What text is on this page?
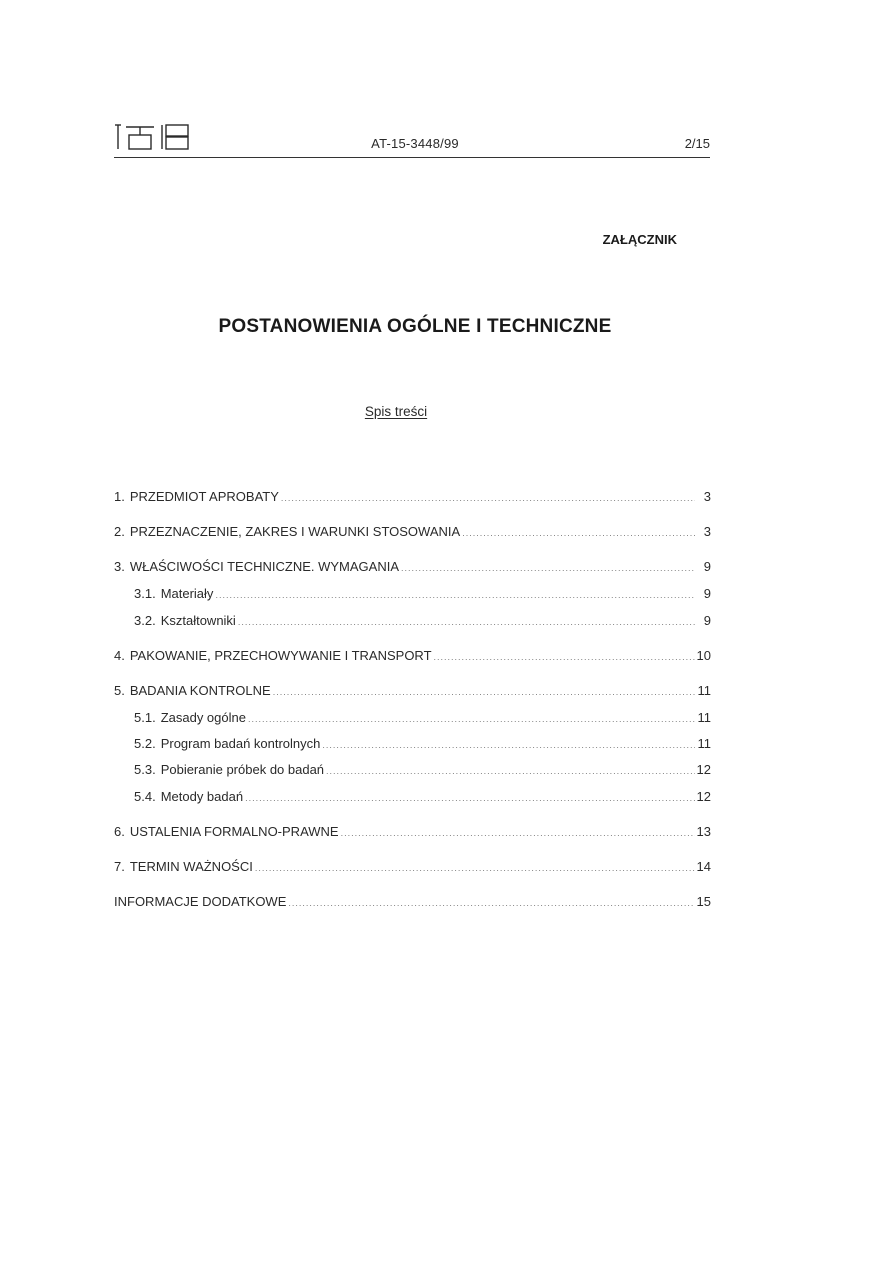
AT-15-3448/99	2/15
ZAŁĄCZNIK
POSTANOWIENIA OGÓLNE I TECHNICZNE
Spis treści
1. PRZEDMIOT APROBATY .....	3
2. PRZEZNACZENIE, ZAKRES I WARUNKI STOSOWANIA .....	3
3. WŁAŚCIWOŚCI TECHNICZNE. WYMAGANIA .....	9
3.1. Materiały .....	9
3.2. Kształtowniki .....	9
4. PAKOWANIE, PRZECHOWYWANIE I TRANSPORT .....	10
5. BADANIA KONTROLNE .....	11
5.1. Zasady ogólne .....	11
5.2. Program badań kontrolnych .....	11
5.3. Pobieranie próbek do badań .....	12
5.4. Metody badań .....	12
6. USTALENIA FORMALNO-PRAWNE .....	13
7. TERMIN WAŻNOŚCI .....	14
INFORMACJE DODATKOWE .....	15
